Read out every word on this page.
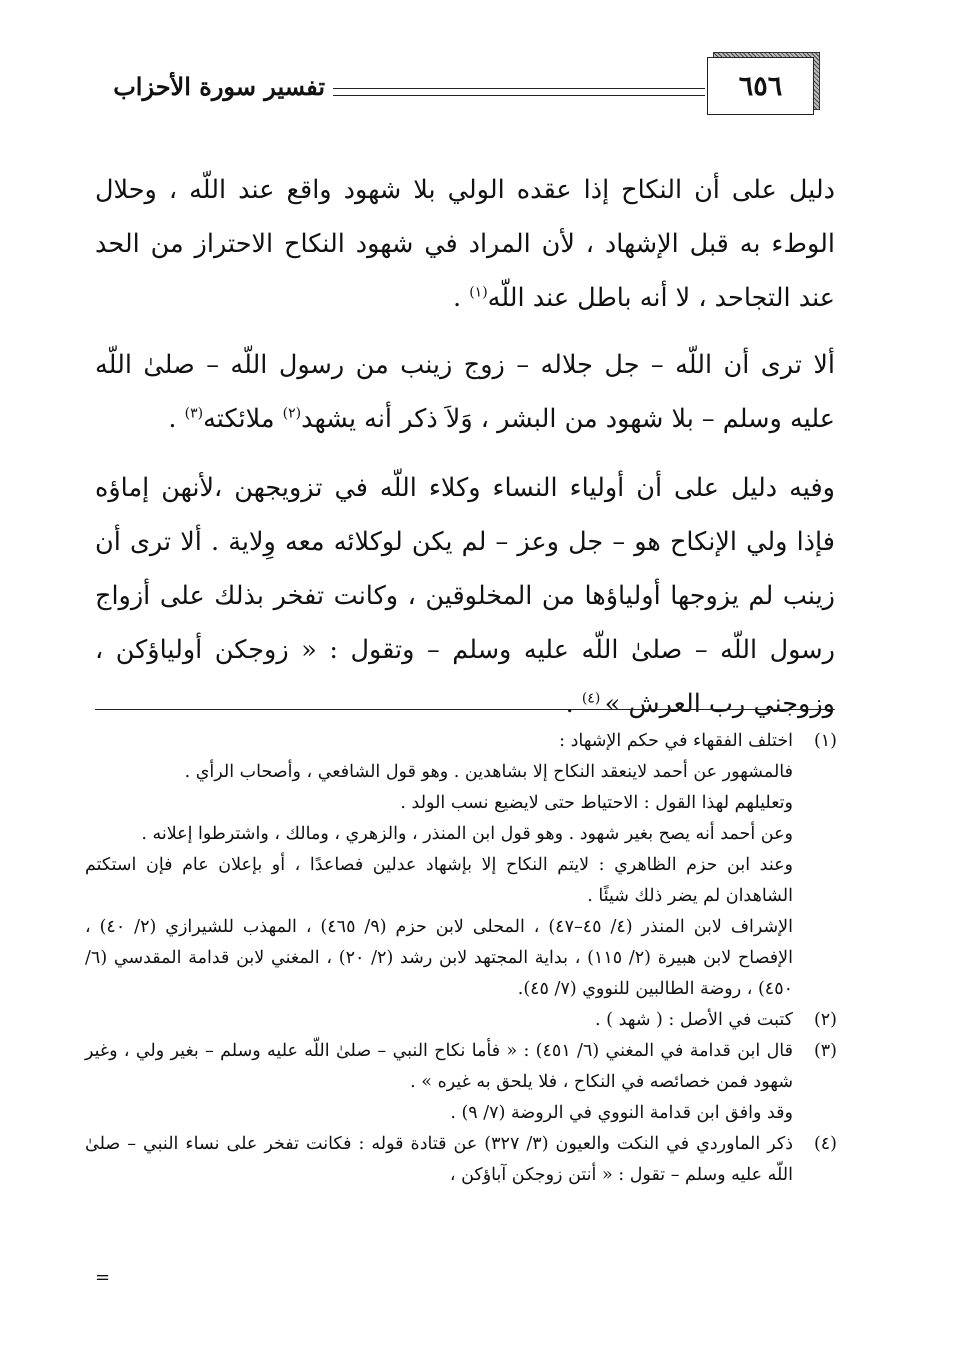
٦٥٦
تفسير سورة الأحزاب
دليل على أن النكاح إذا عقده الولي بلا شهود واقع عند اللّه ، وحلال الوطء به قبل الإشهاد ، لأن المراد في شهود النكاح الاحتراز من الحد عند التجاحد ، لا أنه باطل عند اللّه$^{(١)}$ .
ألا ترى أن اللّه – جل جلاله – زوج زينب من رسول اللّه – صلىٰ اللّه عليه وسلم – بلا شهود من البشر ، وَلاَ ذكر أنه يشهد$^{(٢)}$ ملائكته$^{(٣)}$ .
وفيه دليل على أن أولياء النساء وكلاء اللّه في تزويجهن ،لأنهن إماؤه فإذا ولي الإنكاح هو – جل وعز – لم يكن لوكلائه معه وِلاية . ألا ترى أن زينب لم يزوجها أولياؤها من المخلوقين ، وكانت تفخر بذلك على أزواج رسول اللّه – صلىٰ اللّه عليه وسلم – وتقول : « زوجكن أولياؤكن ، وزوجني رب العرش » $^{(٤)}$ .
(١)

اختلف الفقهاء في حكم الإشهاد :

فالمشهور عن أحمد لاينعقد النكاح إلا بشاهدين . وهو قول الشافعي ، وأصحاب الرأي .

وتعليلهم لهذا القول : الاحتياط حتى لايضيع نسب الولد .

وعن أحمد أنه يصح بغير شهود . وهو قول ابن المنذر ، والزهري ، ومالك ، واشترطوا إعلانه .

وعند ابن حزم الظاهري : لايتم النكاح إلا بإشهاد عدلين فصاعدًا ، أو بإعلان عام فإن استكتم الشاهدان لم يضر ذلك شيئًا .

الإشراف لابن المنذر (٤/ ٤٥–٤٧) ، المحلى لابن حزم (٩/ ٤٦٥) ، المهذب للشيرازي (٢/ ٤٠) ، الإفصاح لابن هبيرة (٢/ ١١٥) ، بداية المجتهد لابن رشد (٢/ ٢٠) ، المغني لابن قدامة المقدسي (٦/ ٤٥٠) ، روضة الطالبين للنووي (٧/ ٤٥).

(٢)

كتبت في الأصل : ( شهد ) .

(٣)

قال ابن قدامة في المغني (٦/ ٤٥١) : « فأما نكاح النبي – صلىٰ اللّه عليه وسلم – بغير ولي ، وغير شهود فمن خصائصه في النكاح ، فلا يلحق به غيره » .

وقد وافق ابن قدامة النووي في الروضة (٧/ ٩) .

(٤)

ذكر الماوردي في النكت والعيون (٣/ ٣٢٧) عن قتادة قوله : فكانت تفخر على نساء النبي – صلىٰ اللّه عليه وسلم – تقول : « أنتن زوجكن آباؤكن ،

=
